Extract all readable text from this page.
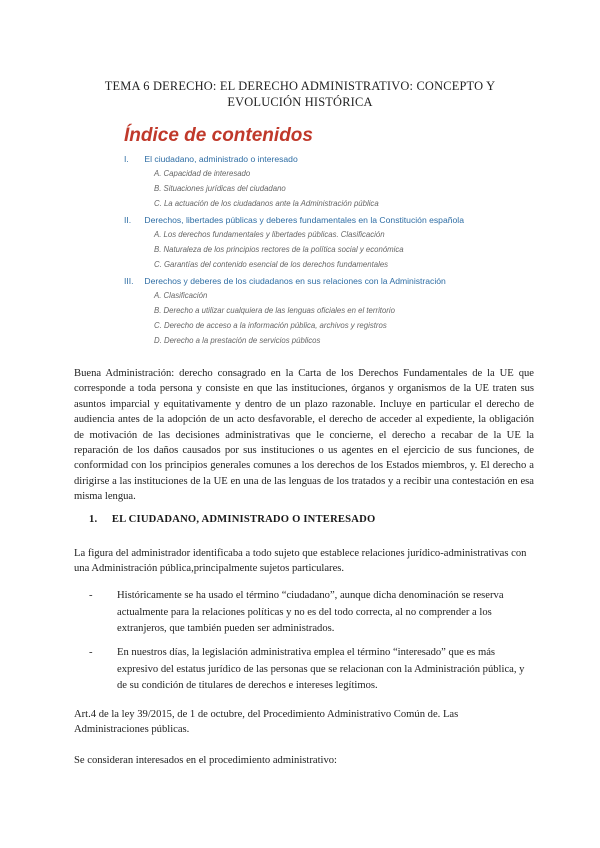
TEMA 6 DERECHO: EL DERECHO ADMINISTRATIVO: CONCEPTO Y
EVOLUCIÓN HISTÓRICA
Índice de contenidos
I. El ciudadano, administrado o interesado
A. Capacidad de interesado
B. Situaciones jurídicas del ciudadano
C. La actuación de los ciudadanos ante la Administración pública
II. Derechos, libertades públicas y deberes fundamentales en la Constitución española
A. Los derechos fundamentales y libertades públicas. Clasificación
B. Naturaleza de los principios rectores de la política social y económica
C. Garantías del contenido esencial de los derechos fundamentales
III. Derechos y deberes de los ciudadanos en sus relaciones con la Administración
A. Clasificación
B. Derecho a utilizar cualquiera de las lenguas oficiales en el territorio
C. Derecho de acceso a la información pública, archivos y registros
D. Derecho a la prestación de servicios públicos

Buena Administración: derecho consagrado en la Carta de los Derechos Fundamentales de la UE que corresponde a toda persona y consiste en que las instituciones, órganos y organismos de la UE traten sus asuntos imparcial y equitativamente y dentro de un plazo razonable. Incluye en particular el derecho de audiencia antes de la adopción de un acto desfavorable, el derecho de acceder al expediente, la obligación de motivación de las decisiones administrativas que le concierne, el derecho a recabar de la UE la reparación de los daños causados por sus instituciones o us agentes en el ejercicio de sus funciones, de conformidad con los principios generales comunes a los derechos de los Estados miembros, y. El derecho a dirigirse a las instituciones de la UE en una de las lenguas de los tratados y a recibir una contestación en esa misma lengua.

1. EL CIUDADANO, ADMINISTRADO O INTERESADO

La figura del administrador identificaba a todo sujeto que establece relaciones jurídico-administrativas con una Administración pública,principalmente sujetos particulares.

-	Históricamente se ha usado el término “ciudadano”, aunque dicha denominación se reserva actualmente para la relaciones políticas y no es del todo correcta, al no comprender a los extranjeros, que también pueden ser administrados.
-	En nuestros días, la legislación administrativa emplea el término “interesado” que es más expresivo del estatus jurídico de las personas que se relacionan con la Administración pública, y de su condición de titulares de derechos e intereses legítimos.

Art.4 de la ley 39/2015, de 1 de octubre, del Procedimiento Administrativo Común de. Las Administraciones públicas.

Se consideran interesados en el procedimiento administrativo:
